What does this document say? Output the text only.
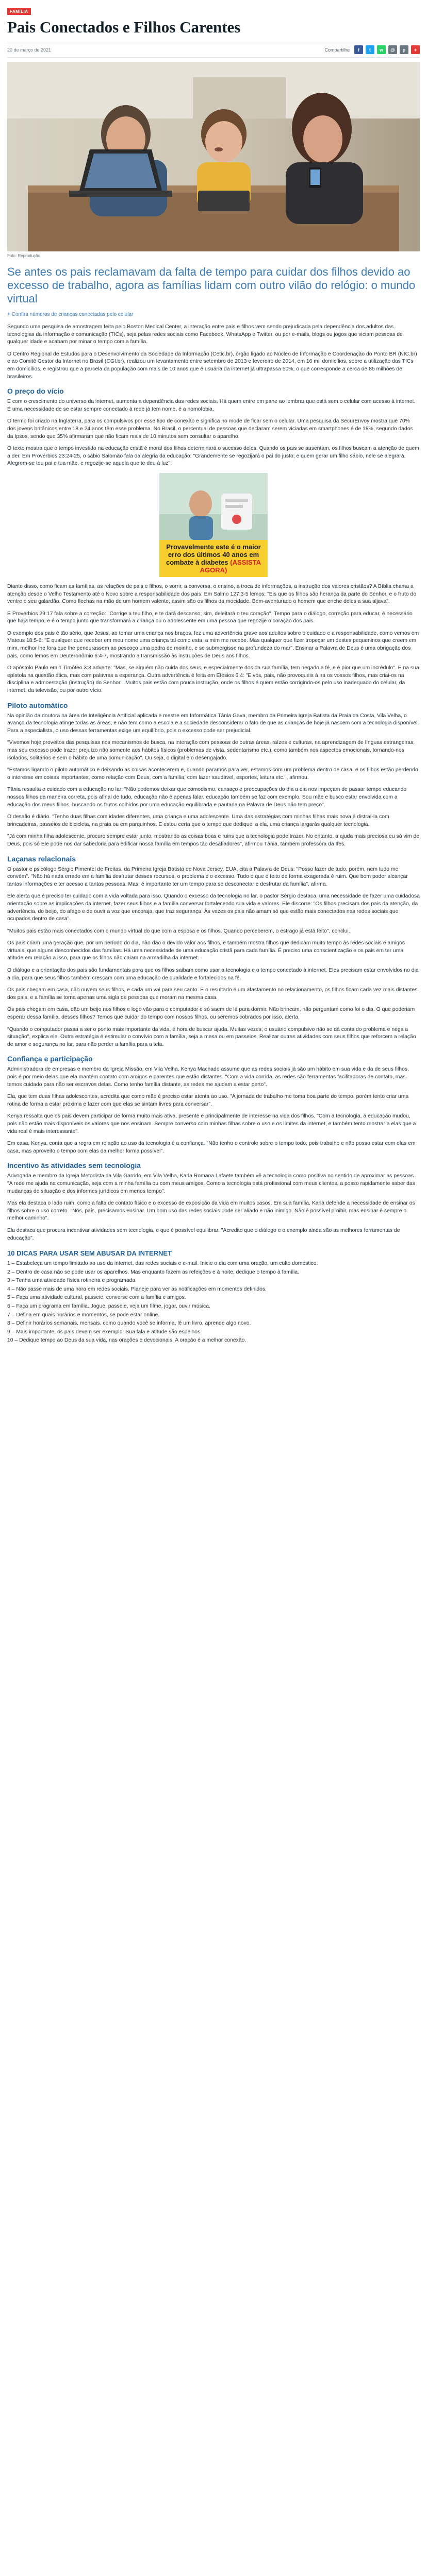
FAMÍLIA
Pais Conectados e Filhos Carentes
20 de março de 2021	Compartilhe	f	t	w	@	p	+
Foto: Reprodução

Se antes os pais reclamavam da falta de tempo para cuidar dos filhos devido ao excesso de trabalho, agora as famílias lidam com outro vilão do relógio: o mundo virtual

+ Confira números de crianças conectadas pelo celular

Segundo uma pesquisa de amostragem feita pelo Boston Medical Center, a interação entre pais e filhos vem sendo prejudicada pela dependência dos adultos das tecnologias da informação e comunicação (TICs), seja pelas redes sociais como Facebook, WhatsApp e Twitter, ou por e-mails, blogs ou jogos que viciam pessoas de qualquer idade e acabam por minar o tempo com a família.

O Centro Regional de Estudos para o Desenvolvimento da Sociedade da Informação (Cetic.br), órgão ligado ao Núcleo de Informação e Coordenação do Ponto BR (NIC.br) e ao Comitê Gestor da Internet no Brasil (CGI.br), realizou um levantamento entre setembro de 2013 e fevereiro de 2014, em 16 mil domicílios, sobre a utilização das TICs em domicílios, e registrou que a parcela da população com mais de 10 anos que é usuária da internet já ultrapassa 50%, o que corresponde a cerca de 85 milhões de brasileiros.

O preço do vício

E com o crescimento do universo da internet, aumenta a dependência das redes sociais. Há quem entre em pane ao lembrar que está sem o celular com acesso à internet. É uma necessidade de se estar sempre conectado à rede já tem nome, é a nomofobia.

O termo foi criado na Inglaterra, para os compulsivos por esse tipo de conexão e significa no mode de ficar sem o celular. Uma pesquisa da SecurEnvoy mostra que 70% dos jovens britânicos entre 18 e 24 anos têm esse problema. No Brasil, o percentual de pessoas que declaram serem viciadas em smartphones é de 18%, segundo dados da Ipsos, sendo que 35% afirmaram que não ficam mais de 10 minutos sem consultar o aparelho.

O texto mostra que o tempo investido na educação cristã é moral dos filhos determinará o sucesso deles. Quando os pais se ausentam, os filhos buscam a atenção de quem a der. Em Provérbios 23:24-25, o sábio Salomão fala da alegria da educação: "Grandemente se regozijará o pai do justo; e quem gerar um filho sábio, nele se alegrará. Alegrem-se teu pai e tua mãe, e regozije-se aquela que te deu à luz".

Provavelmente este é o maior erro dos últimos 40 anos em combate à diabetes (ASSISTA AGORA)

Diante disso, como ficam as famílias, as relações de pais e filhos, o sorrir, a conversa, o ensino, a troca de informações, a instrução dos valores cristãos? A Bíblia chama a atenção desde o Velho Testamento até o Novo sobre a responsabilidade dos pais. Em Salmo 127:3-5 lemos: "Eis que os filhos são herança da parte do Senhor, e o fruto do ventre o seu galardão. Como flechas na mão de um homem valente, assim são os filhos da mocidade. Bem-aventurado o homem que enche deles a sua aljava".

E Provérbios 29:17 fala sobre a correção: "Corrige a teu filho, e te dará descanso; sim, deleitará o teu coração". Tempo para o diálogo, correção para educar, é necessário que haja tempo, e é o tempo junto que transformará a criança ou o adolescente em uma pessoa que regozije o coração dos pais.

O exemplo dos pais é tão sério, que Jesus, ao tomar uma criança nos braços, fez uma advertência grave aos adultos sobre o cuidado e a responsabilidade, como vemos em Mateus 18:5-6: "E qualquer que receber em meu nome uma criança tal como esta, a mim me recebe. Mas qualquer que fizer tropeçar um destes pequeninos que creem em mim, melhor lhe fora que lhe pendurassem ao pescoço uma pedra de moinho, e se submergisse na profundeza do mar". Ensinar a Palavra de Deus é uma obrigação dos pais, como lemos em Deuteronômio 6:4-7, mostrando a transmissão às instruções de Deus aos filhos.

O apóstolo Paulo em 1 Timóteo 3:8 adverte: "Mas, se alguém não cuida dos seus, e especialmente dos da sua família, tem negado a fé, e é pior que um incrédulo". E na sua epístola na questão ética, mas com palavras a esperança. Outra advertência é feita em Efésios 6:4: "E vós, pais, não provoqueis à ira os vossos filhos, mas criai-os na disciplina e admoestação (instrução) do Senhor". Muitos pais estão com pouca instrução, onde os filhos é quem estão corrigindo-os pelo uso inadequado do celular, da internet, da televisão, ou por outro vício.

Piloto automático

Na opinião da doutora na área de Inteligência Artificial aplicada e mestre em Informática Tânia Gava, membro da Primeira Igreja Batista da Praia da Costa, Vila Velha, o avanço da tecnologia atinge todas as áreas, e não tem como a escola e a sociedade desconsiderar o fato de que as crianças de hoje já nascem com a tecnologia disponível. Para a especialista, o uso dessas ferramentas exige um equilíbrio, pois o excesso pode ser prejudicial.

"Vivemos hoje proveitos das pesquisas nos mecanismos de busca, na interação com pessoas de outras áreas, raízes e culturas, na aprendizagem de línguas estrangeiras, mas seu excesso pode trazer prejuízo não somente aos hábitos físicos (problemas de vista, sedentarismo etc.), como também nos aspectos emocionais, tornando-nos isolados, solitários e sem o hábito de uma comunicação". Ou seja, o digital e o desengajado.

"Estamos ligando o piloto automático e deixando as coisas acontecerem e, quando paramos para ver, estamos com um problema dentro de casa, e os filhos estão perdendo o interesse em coisas importantes, como relação com Deus, com a família, com lazer saudável, esportes, leitura etc.", afirmou.

Tânia ressalta o cuidado com a educação no lar: "Não podemos deixar que comodismo, cansaço e preocupações do dia a dia nos impeçam de passar tempo educando nossos filhos da maneira correta, pois afinal de tudo, educação não é apenas falar, educação também se faz com exemplo. Sou mãe e busco estar envolvida com a educação dos meus filhos, buscando os frutos colhidos por uma educação equilibrada e pautada na Palavra de Deus não tem preço".

O desafio é diário. "Tenho duas filhas com idades diferentes, uma criança e uma adolescente. Uma das estratégias com minhas filhas mais nova é distraí-la com brincadeiras, passeios de bicicleta, na praia ou em parquinhos. E estou certa que o tempo que dediquei a ela, uma criança largarás qualquer tecnologia.

"Já com minha filha adolescente, procuro sempre estar junto, mostrando as coisas boas e ruins que a tecnologia pode trazer. No entanto, a ajuda mais preciosa eu só vim de Deus, pois só Ele pode nos dar sabedoria para edificar nossa família em tempos tão desafiadores", afirmou Tânia, também professora da Ifes.

Laçanas relacionais

O pastor e psicólogo Sérgio Pimentel de Freitas, da Primeira Igreja Batista de Nova Jersey, EUA, cita a Palavra de Deus: "Posso fazer de tudo, porém, nem tudo me convém". "Não há nada errado em a família desfrutar desses recursos, o problema é o excesso. Tudo o que é feito de forma exagerada é ruim. Que bom poder alcançar tantas informações e ter acesso a tantas pessoas. Mas, é importante ter um tempo para se desconectar e desfrutar da família", afirma.

Ele alerta que é preciso ter cuidado com a vida voltada para isso. Quando o excesso da tecnologia no lar, o pastor Sérgio destaca, uma necessidade de fazer uma cuidadosa orientação sobre as implicações da internet, fazer seus filhos e a família conversar fortalecendo sua vida e valores. Ele discorre: "Os filhos precisam dos pais da atenção, da advertência, do beijo, do afago e de ouvir a voz que encoraja, que traz segurança. Às vezes os pais não amam só que estão mais conectados nas redes sociais que ocupados dentro de casa".

"Muitos pais estão mais conectados com o mundo virtual do que com a esposa e os filhos. Quando perceberem, o estrago já está feito", conclui.

Os pais criam uma geração que, por um período do dia, não dão o devido valor aos filhos, e também mostra filhos que dedicam muito tempo às redes sociais e amigos virtuais, que alguns desconhecidos das famílias. Há uma necessidade de uma educação cristã para cada família. É preciso uma conscientização e os pais em ter uma atitude em relação a isso, para que os filhos não caiam na armadilha da internet.

O diálogo e a orientação dos pais são fundamentais para que os filhos saibam como usar a tecnologia e o tempo conectado à internet. Eles precisam estar envolvidos no dia a dia, para que seus filhos também cresçam com uma educação de qualidade e fortalecidos na fé.

Os pais chegam em casa, não ouvem seus filhos, e cada um vai para seu canto. E o resultado é um afastamento no relacionamento, os filhos ficam cada vez mais distantes dos pais, e a família se torna apenas uma sigla de pessoas que moram na mesma casa.

Os pais chegam em casa, dão um beijo nos filhos e logo vão para o computador e só saem de lá para dormir. Não brincam, não perguntam como foi o dia. O que poderiam esperar dessa família, desses filhos? Temos que cuidar do tempo com nossos filhos, ou seremos cobrados por isso, alerta.

"Quando o computador passa a ser o ponto mais importante da vida, é hora de buscar ajuda. Muitas vezes, o usuário compulsivo não se dá conta do problema e nega a situação", explica ele. Outra estratégia é estimular o convívio com a família, seja a mesa ou em passeios. Realizar outras atividades com seus filhos que reforcem a relação de amor e segurança no lar, para não perder a família para a tela.

Confiança e participação

Administradora de empresas e membro da Igreja Missão, em Vila Velha, Kenya Machado assume que as redes sociais já são um hábito em sua vida e da de seus filhos, pois é por meio delas que ela mantém contato com amigos e parentes que estão distantes. "Com a vida corrida, as redes são ferramentas facilitadoras de contato, mas temos cuidado para não ser escravos delas. Como tenho família distante, as redes me ajudam a estar perto".

Ela, que tem duas filhas adolescentes, acredita que como mãe é preciso estar atenta ao uso. "A jornada de trabalho me toma boa parte do tempo, porém tento criar uma rotina de forma a estar próxima e fazer com que elas se sintam livres para conversar".

Kenya ressalta que os pais devem participar de forma muito mais ativa, presente e principalmente de interesse na vida dos filhos. "Com a tecnologia, a educação mudou, pois não estão mais disponíveis os valores que nos ensinam. Sempre converso com minhas filhas sobre o uso e os limites da internet, e também tento mostrar a elas que a vida real é mais interessante".

Em casa, Kenya, conta que a regra em relação ao uso da tecnologia é a confiança. "Não tenho o controle sobre o tempo todo, pois trabalho e não posso estar com elas em casa, mas aproveito o tempo com elas da melhor forma possível".

Incentivo às atividades sem tecnologia

Advogada e membro da Igreja Metodista da Vila Garrido, em Vila Velha, Karla Romana Lafaete também vê a tecnologia como positiva no sentido de aproximar as pessoas. "A rede me ajuda na comunicação, seja com a minha família ou com meus amigos. Como a tecnologia está profissional com meus clientes, a posso rapidamente saber das mudanças de situação e dos informes jurídicos em menos tempo".

Mas ela destaca o lado ruim, como a falta de contato físico e o excesso de exposição da vida em muitos casos. Em sua família, Karla defende a necessidade de ensinar os filhos sobre o uso correto. "Nós, pais, precisamos ensinar. Um bom uso das redes sociais pode ser aliado e não inimigo. Não é possível proibir, mas ensinar é sempre o melhor caminho".

Ela destaca que procura incentivar atividades sem tecnologia, e que é possível equilibrar. "Acredito que o diálogo e o exemplo ainda são as melhores ferramentas de educação".

10 DICAS PARA USAR SEM ABUSAR DA INTERNET
1 – Estabeleça um tempo limitado ao uso da internet, das redes sociais e e-mail. Inicie o dia com uma oração, um culto doméstico.
2 – Dentro de casa não se pode usar os aparelhos. Mas enquanto fazem as refeições e à noite, dedique o tempo à família.
3 – Tenha uma atividade física rotineira e programada.
4 – Não passe mais de uma hora em redes sociais. Planeje para ver as notificações em momentos definidos.
5 – Faça uma atividade cultural, passeie, converse com a família e amigos.
6 – Faça um programa em família. Jogue, passeie, veja um filme, jogar, ouvir música.
7 – Defina em quais horários e momentos, se pode estar online.
8 – Definir horários semanais, mensais, como quando você se informa, lê um livro, aprende algo novo.
9 – Mais importante, os pais devem ser exemplo. Sua fala e atitude são espelhos.
10 – Dedique tempo ao Deus da sua vida, nas orações e devocionais. A oração é a melhor conexão.
